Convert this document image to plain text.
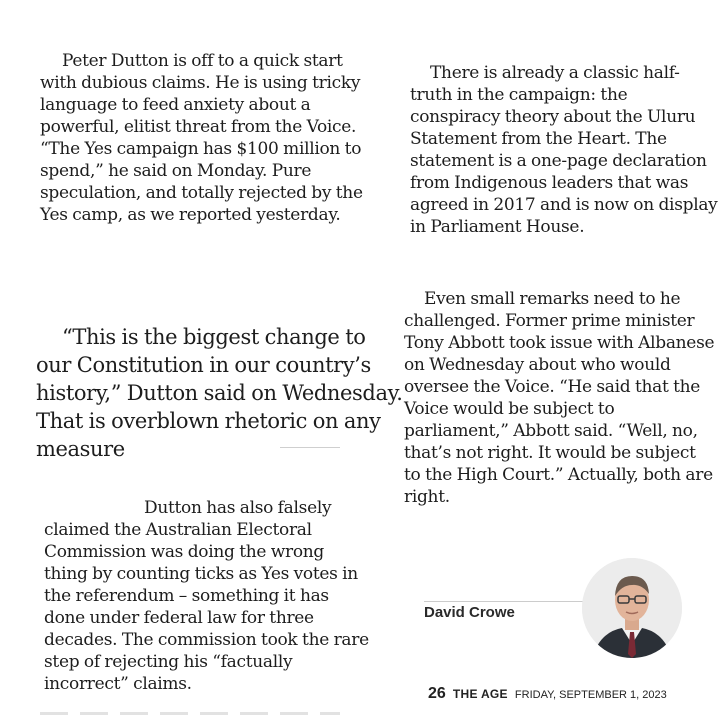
Peter Dutton is off to a quick start with dubious claims. He is using tricky language to feed anxiety about a powerful, elitist threat from the Voice. “The Yes campaign has $100 million to spend,” he said on Monday. Pure speculation, and totally rejected by the Yes camp, as we reported yesterday.

There is already a classic half-truth in the campaign: the conspiracy theory about the Uluru Statement from the Heart. The statement is a one-page declaration from Indigenous leaders that was agreed in 2017 and is now on display in Parliament House.

“This is the biggest change to our Constitution in our country’s history,” Dutton said on Wednesday. That is overblown rhetoric on any measure

Even small remarks need to he challenged. Former prime minister Tony Abbott took issue with Albanese on Wednesday about who would oversee the Voice. “He said that the Voice would be subject to parliament,” Abbott said. “Well, no, that’s not right. It would be subject to the High Court.” Actually, both are right.

Dutton has also falsely claimed the Australian Electoral Commission was doing the wrong thing by counting ticks as Yes votes in the referendum – something it has done under federal law for three decades. The commission took the rare step of rejecting his “factually incorrect” claims.

David Crowe
26 THE AGE FRIDAY, SEPTEMBER 1, 2023
